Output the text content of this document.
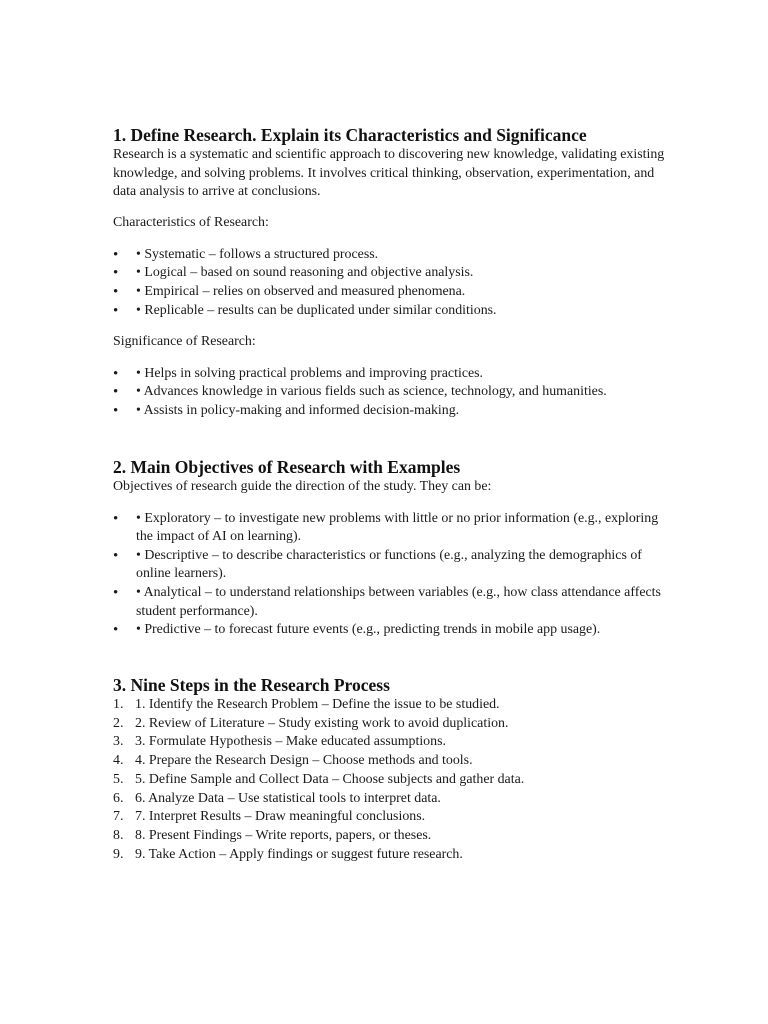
1. Define Research. Explain its Characteristics and Significance

Research is a systematic and scientific approach to discovering new knowledge, validating existing knowledge, and solving problems. It involves critical thinking, observation, experimentation, and data analysis to arrive at conclusions.

Characteristics of Research:

• • Systematic – follows a structured process.
• • Logical – based on sound reasoning and objective analysis.
• • Empirical – relies on observed and measured phenomena.
• • Replicable – results can be duplicated under similar conditions.

Significance of Research:

• • Helps in solving practical problems and improving practices.
• • Advances knowledge in various fields such as science, technology, and humanities.
• • Assists in policy-making and informed decision-making.
2. Main Objectives of Research with Examples

Objectives of research guide the direction of the study. They can be:

• • Exploratory – to investigate new problems with little or no prior information (e.g., exploring the impact of AI on learning).
• • Descriptive – to describe characteristics or functions (e.g., analyzing the demographics of online learners).
• • Analytical – to understand relationships between variables (e.g., how class attendance affects student performance).
• • Predictive – to forecast future events (e.g., predicting trends in mobile app usage).
3. Nine Steps in the Research Process
1. 1. Identify the Research Problem – Define the issue to be studied.
2. 2. Review of Literature – Study existing work to avoid duplication.
3. 3. Formulate Hypothesis – Make educated assumptions.
4. 4. Prepare the Research Design – Choose methods and tools.
5. 5. Define Sample and Collect Data – Choose subjects and gather data.
6. 6. Analyze Data – Use statistical tools to interpret data.
7. 7. Interpret Results – Draw meaningful conclusions.
8. 8. Present Findings – Write reports, papers, or theses.
9. 9. Take Action – Apply findings or suggest future research.
